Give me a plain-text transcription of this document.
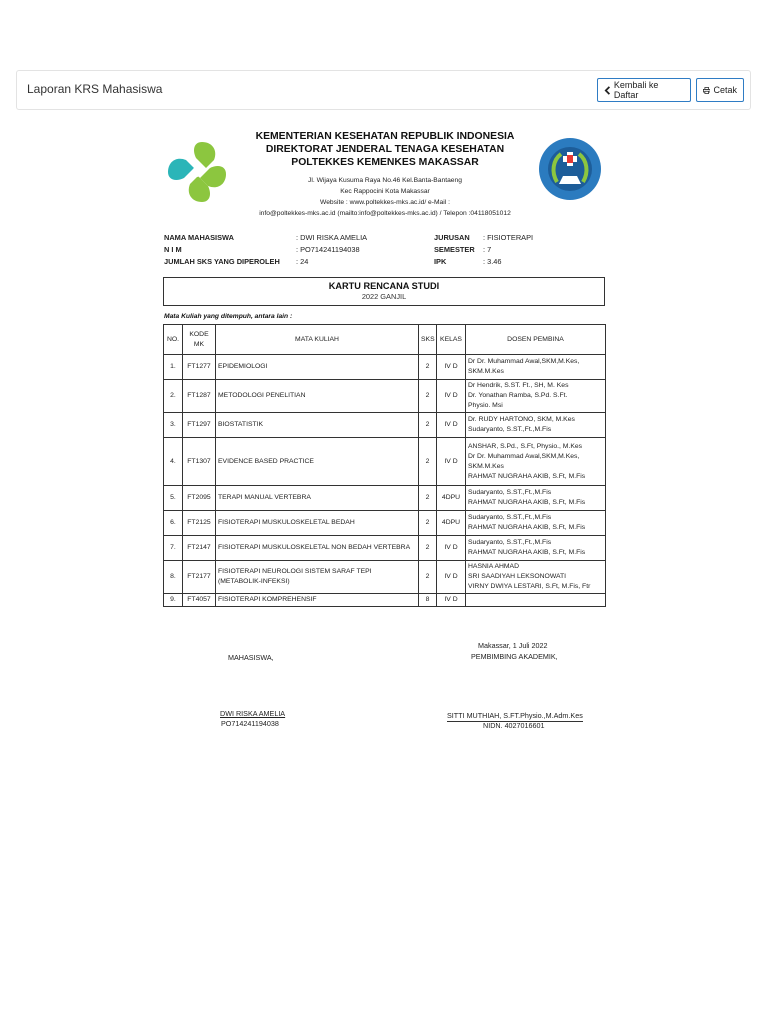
Laporan KRS Mahasiswa	Kembali ke Daftar	Cetak
KEMENTERIAN KESEHATAN REPUBLIK INDONESIA
DIREKTORAT JENDERAL TENAGA KESEHATAN
POLTEKKES KEMENKES MAKASSAR
Jl. Wijaya Kusuma Raya No.46 Kel.Banta-Bantaeng
Kec Rappocini Kota Makassar
Website : www.poltekkes-mks.ac.id/ e-Mail :
info@poltekkes-mks.ac.id (mailto:info@poltekkes-mks.ac.id) / Telepon :04118051012
NAMA MAHASISWA	: DWI RISKA AMELIA
N I M	: PO714241194038
JUMLAH SKS YANG DIPEROLEH : 24
JURUSAN : FISIOTERAPI
SEMESTER : 7
IPK	: 3.46
KARTU RENCANA STUDI
2022 GANJIL
Mata Kuliah yang ditempuh, antara lain :
NO.	KODE MK	MATA KULIAH	SKS	KELAS	DOSEN PEMBINA
1.	FT1277	EPIDEMIOLOGI	2	IV D	Dr Dr. Muhammad Awal,SKM,M.Kes,
SKM.M.Kes

2.	FT1287	METODOLOGI PENELITIAN	2	IV D	Dr Hendrik, S.ST. Ft., SH, M. Kes
Dr. Yonathan Ramba, S.Pd. S.Ft.
Physio. Msi

3.	FT1297	BIOSTATISTIK	2	IV D	Dr. RUDY HARTONO, SKM, M.Kes
Sudaryanto, S.ST.,Ft.,M.Fis

4.	FT1307	EVIDENCE BASED PRACTICE	2	IV D	ANSHAR, S.Pd., S.Ft, Physio., M.Kes
Dr Dr. Muhammad Awal,SKM,M.Kes,
SKM.M.Kes
RAHMAT NUGRAHA AKIB, S.Ft, M.Fis

5.	FT2095	TERAPI MANUAL VERTEBRA	2	4DPU	Sudaryanto, S.ST.,Ft.,M.Fis
RAHMAT NUGRAHA AKIB, S.Ft, M.Fis

6.	FT2125	FISIOTERAPI MUSKULOSKELETAL BEDAH	2	4DPU	Sudaryanto, S.ST.,Ft.,M.Fis
RAHMAT NUGRAHA AKIB, S.Ft, M.Fis

7.	FT2147	FISIOTERAPI MUSKULOSKELETAL NON BEDAH VERTEBRA	2	IV D	Sudaryanto, S.ST.,Ft.,M.Fis
RAHMAT NUGRAHA AKIB, S.Ft, M.Fis

8.	FT2177	FISIOTERAPI NEUROLOGI SISTEM SARAF TEPI (METABOLIK-INFEKSI)	2	IV D	HASNIA AHMAD
SRI SAADIYAH LEKSONOWATI
VIRNY DWIYA LESTARI, S.Ft, M.Fis, Ftr

9.	FT4057	FISIOTERAPI KOMPREHENSIF	8	IV D	
Makassar, 1 Juli 2022
MAHASISWA,	PEMBIMBING AKADEMIK,
DWI RISKA AMELIA
PO714241194038
SITTI MUTHIAH, S.FT.Physio.,M.Adm.Kes
NIDN. 4027016601
